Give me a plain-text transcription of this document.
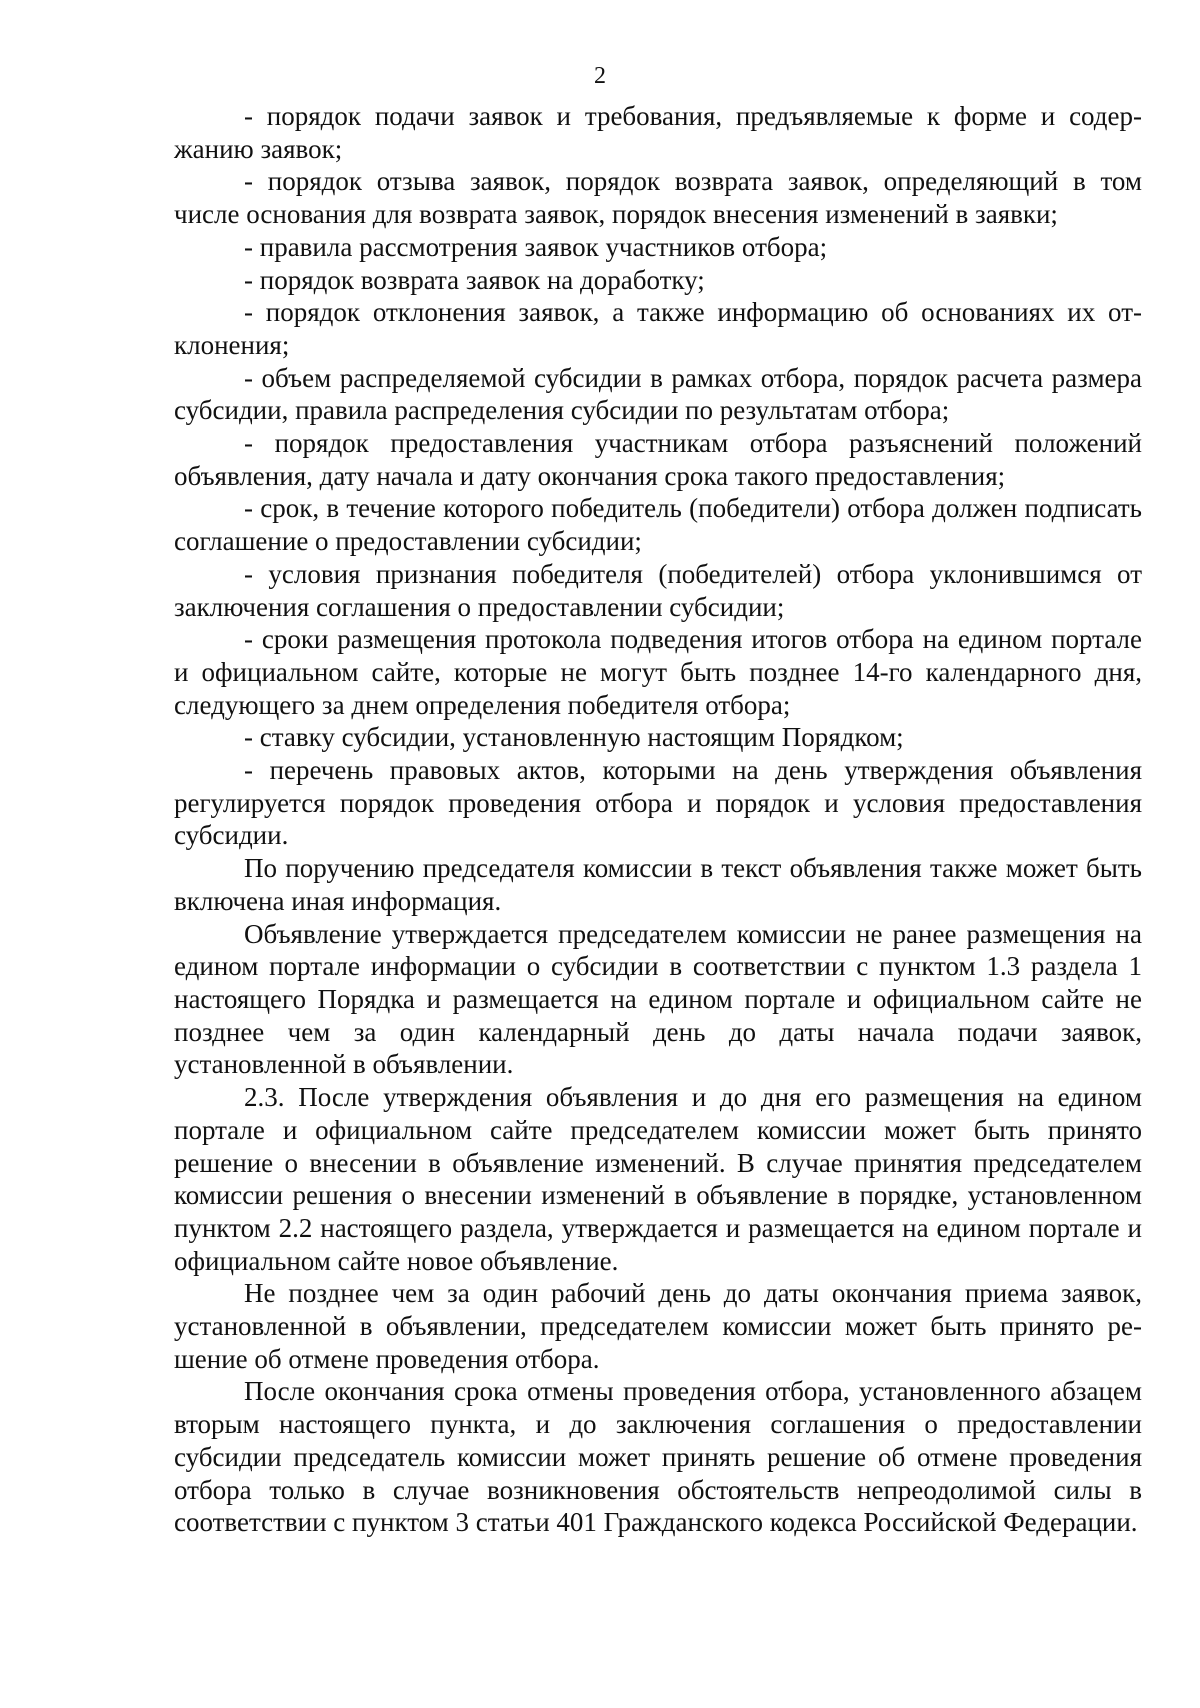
2

- порядок подачи заявок и требования, предъявляемые к форме и содержанию заявок;

- порядок отзыва заявок, порядок возврата заявок, определяющий в том числе основания для возврата заявок, порядок внесения изменений в заявки;

- правила рассмотрения заявок участников отбора;

- порядок возврата заявок на доработку;

- порядок отклонения заявок, а также информацию об основаниях их отклонения;

- объем распределяемой субсидии в рамках отбора, порядок расчета размера субсидии, правила распределения субсидии по результатам отбора;

- порядок предоставления участникам отбора разъяснений положений объявления, дату начала и дату окончания срока такого предоставления;

- срок, в течение которого победитель (победители) отбора должен подписать соглашение о предоставлении субсидии;

- условия признания победителя (победителей) отбора уклонившимся от заключения соглашения о предоставлении субсидии;

- сроки размещения протокола подведения итогов отбора на едином портале и официальном сайте, которые не могут быть позднее 14-го календарного дня, следующего за днем определения победителя отбора;

- ставку субсидии, установленную настоящим Порядком;

- перечень правовых актов, которыми на день утверждения объявления регулируется порядок проведения отбора и порядок и условия предоставления субсидии.

По поручению председателя комиссии в текст объявления также может быть включена иная информация.

Объявление утверждается председателем комиссии не ранее размещения на едином портале информации о субсидии в соответствии с пунктом 1.3 раздела 1 настоящего Порядка и размещается на едином портале и официальном сайте не позднее чем за один календарный день до даты начала подачи заявок, установленной в объявлении.

2.3. После утверждения объявления и до дня его размещения на едином портале и официальном сайте председателем комиссии может быть принято решение о внесении в объявление изменений. В случае принятия председателем комиссии решения о внесении изменений в объявление в порядке, установленном пунктом 2.2 настоящего раздела, утверждается и размещается на едином портале и официальном сайте новое объявление.

Не позднее чем за один рабочий день до даты окончания приема заявок, установленной в объявлении, председателем комиссии может быть принято решение об отмене проведения отбора.

После окончания срока отмены проведения отбора, установленного абзацем вторым настоящего пункта, и до заключения соглашения о предоставлении субсидии председатель комиссии может принять решение об отмене проведения отбора только в случае возникновения обстоятельств непреодолимой силы в соответствии с пунктом 3 статьи 401 Гражданского кодекса Российской Федерации.
